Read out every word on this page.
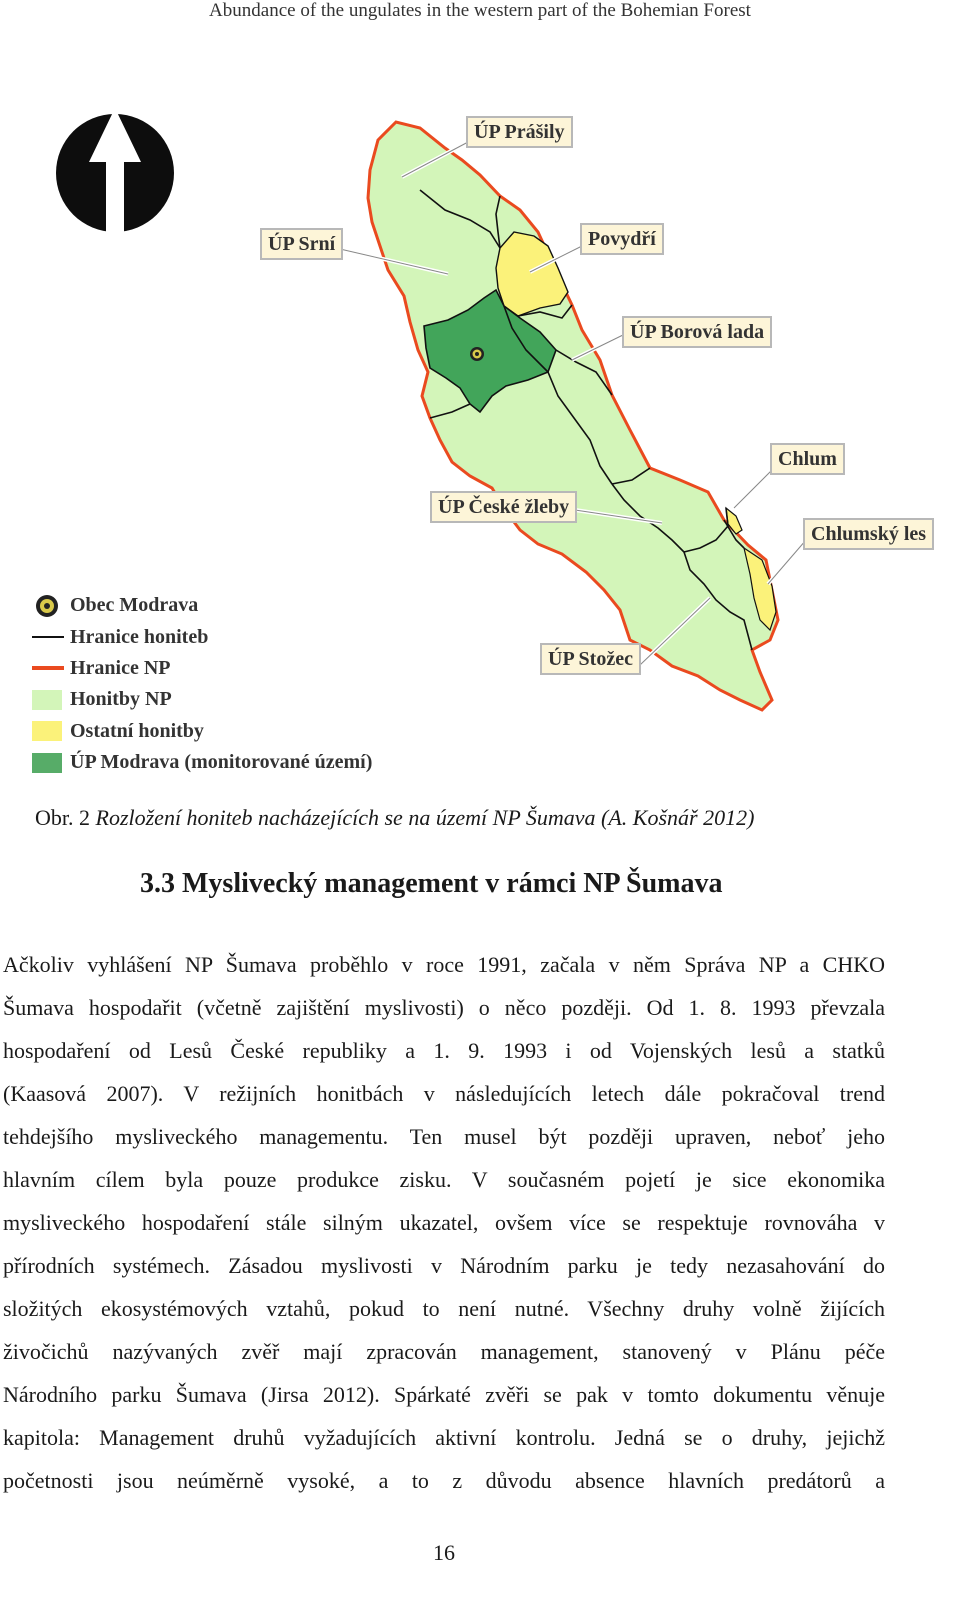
Abundance of the ungulates in the western part of the Bohemian Forest
ÚP Prášily
ÚP Srní	Povydří
ÚP Borová lada
Chlum
ÚP České žleby
Chlumský les
ÚP Stožec
Obec Modrava
Hranice honiteb
Hranice NP
Honitby NP
Ostatní honitby
ÚP Modrava (monitorované území)
Obr. 2 Rozložení honiteb nacházejících se na území NP Šumava (A. Košnář 2012)
3.3 Myslivecký management v rámci NP Šumava
Ačkoliv vyhlášení NP Šumava proběhlo v roce 1991, začala v něm Správa NP a CHKO
Šumava hospodařit (včetně zajištění myslivosti) o něco později. Od 1. 8. 1993 převzala
hospodaření od Lesů České republiky a 1. 9. 1993 i od Vojenských lesů a statků
(Kaasová 2007). V režijních honitbách v následujících letech dále pokračoval trend
tehdejšího mysliveckého managementu. Ten musel být později upraven, neboť jeho
hlavním cílem byla pouze produkce zisku. V současném pojetí je sice ekonomika
mysliveckého hospodaření stále silným ukazatel, ovšem více se respektuje rovnováha v
přírodních systémech. Zásadou myslivosti v Národním parku je tedy nezasahování do
složitých ekosystémových vztahů, pokud to není nutné. Všechny druhy volně žijících
živočichů nazývaných zvěř mají zpracován management, stanovený v Plánu péče
Národního parku Šumava (Jirsa 2012). Spárkaté zvěři se pak v tomto dokumentu věnuje
kapitola: Management druhů vyžadujících aktivní kontrolu. Jedná se o druhy, jejichž
početnosti jsou neúměrně vysoké, a to z důvodu absence hlavních predátorů a
16
